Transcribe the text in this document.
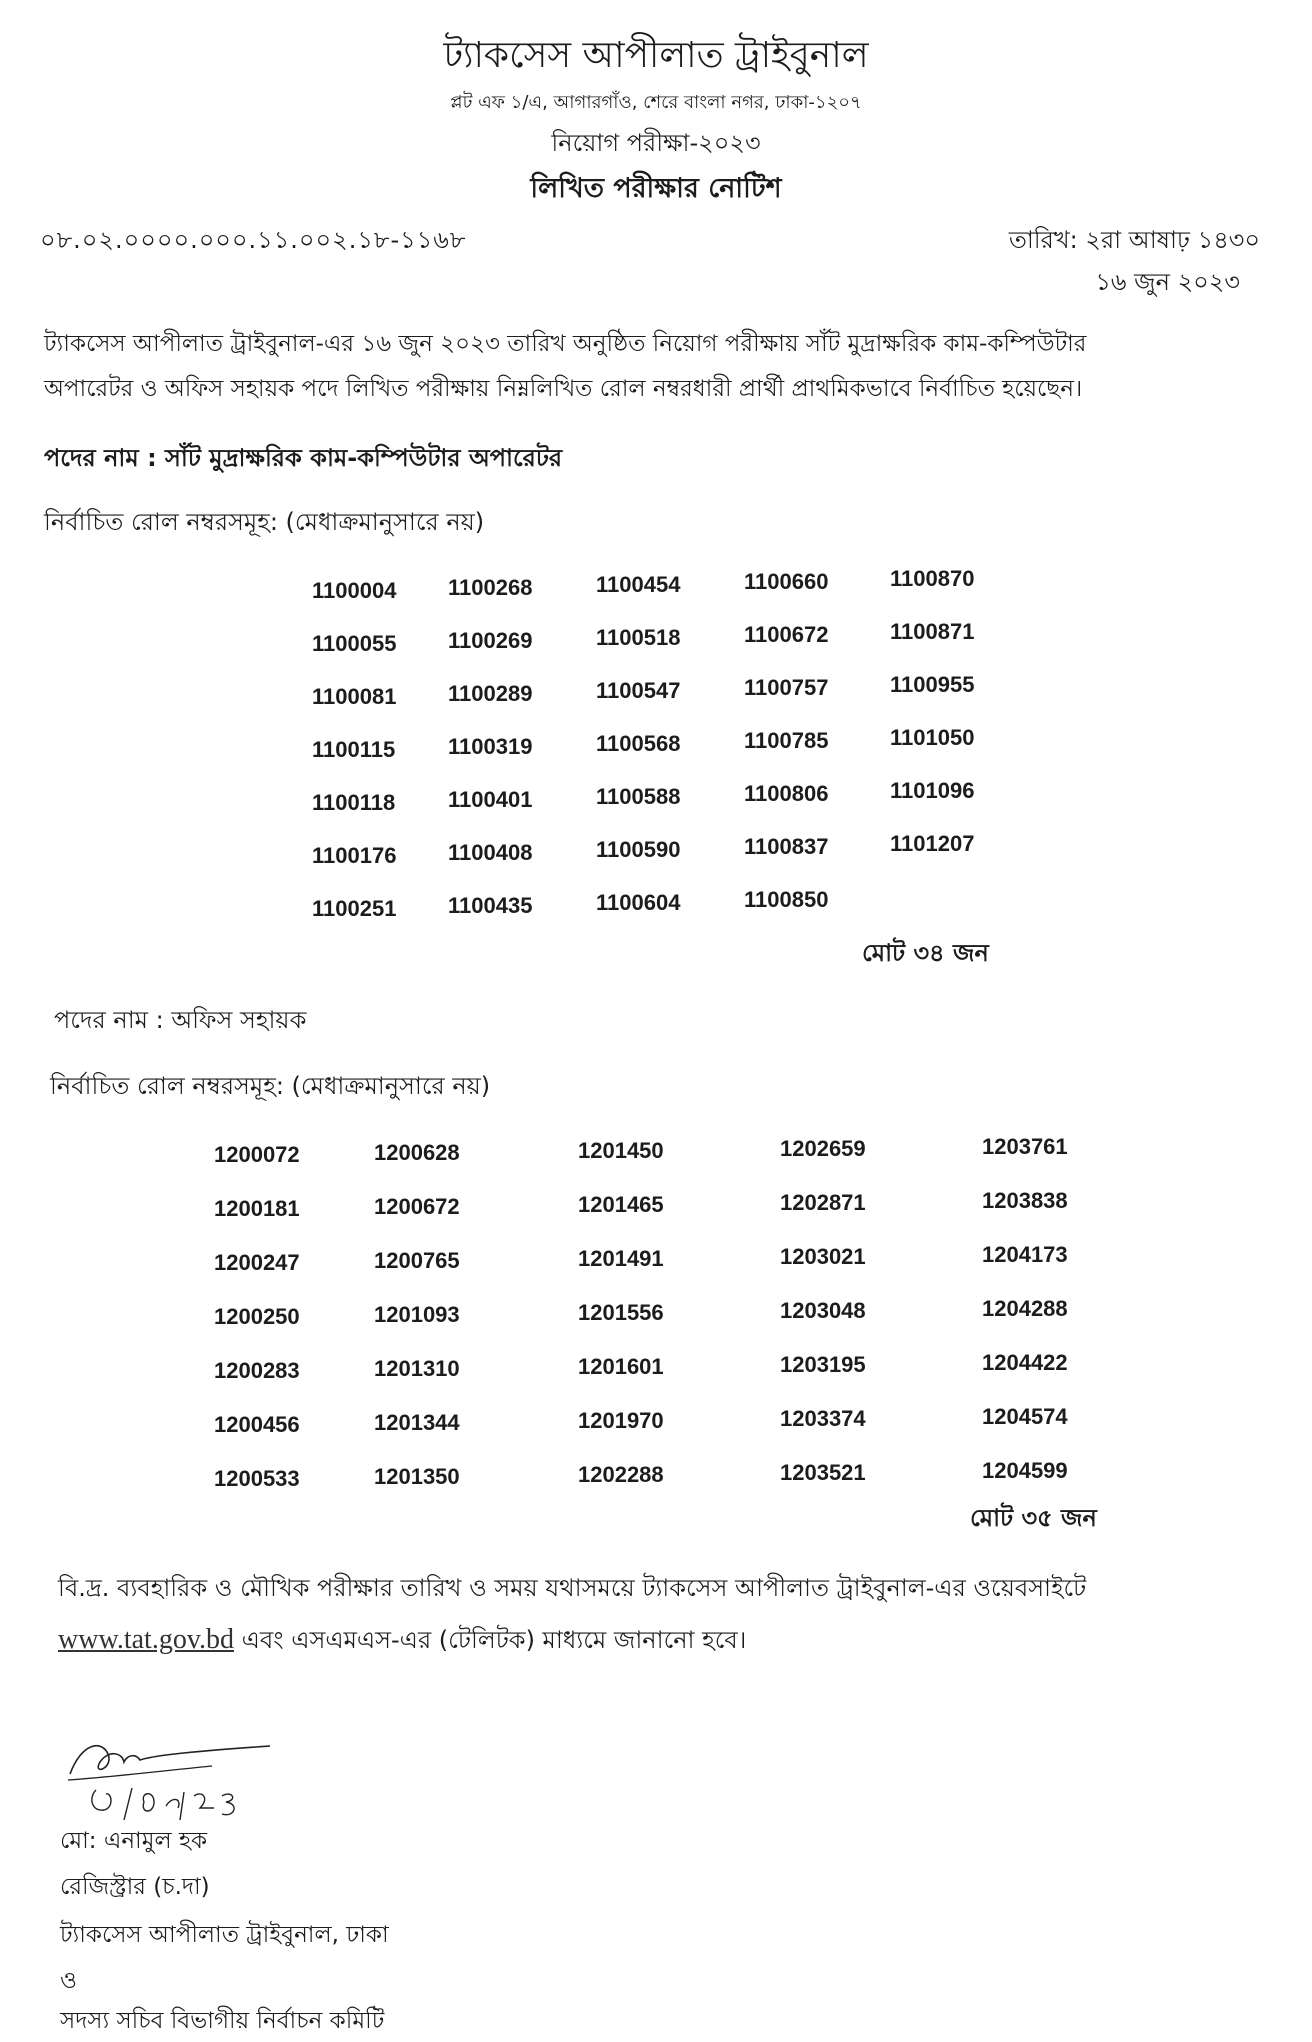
ট্যাকসেস আপীলাত ট্রাইবুনাল
প্লট এফ ১/এ, আগারগাঁও, শেরে বাংলা নগর, ঢাকা-১২০৭
নিয়োগ পরীক্ষা-২০২৩
লিখিত পরীক্ষার নোটিশ
০৮.০২.০০০০.০০০.১১.০০২.১৮-১১৬৮	তারিখ: ২রা আষাঢ় ১৪৩০
১৬ জুন ২০২৩
ট্যাকসেস আপীলাত ট্রাইবুনাল-এর ১৬ জুন ২০২৩ তারিখ অনুষ্ঠিত নিয়োগ পরীক্ষায় সাঁট মুদ্রাক্ষরিক কাম-কম্পিউটার
অপারেটর ও অফিস সহায়ক পদে লিখিত পরীক্ষায় নিম্নলিখিত রোল নম্বরধারী প্রার্থী প্রাথমিকভাবে নির্বাচিত হয়েছেন।
পদের নাম : সাঁট মুদ্রাক্ষরিক কাম-কম্পিউটার অপারেটর
নির্বাচিত রোল নম্বরসমূহ: (মেধাক্রমানুসারে নয়)
1100004
1100055
1100081
1100115
1100118
1100176
1100251
1100268
1100269
1100289
1100319
1100401
1100408
1100435
1100454
1100518
1100547
1100568
1100588
1100590
1100604
1100660
1100672
1100757
1100785
1100806
1100837
1100850
1100870
1100871
1100955
1101050
1101096
1101207
মোট ৩৪ জন
পদের নাম : অফিস সহায়ক
নির্বাচিত রোল নম্বরসমূহ: (মেধাক্রমানুসারে নয়)
1200072
1200181
1200247
1200250
1200283
1200456
1200533
1200628
1200672
1200765
1201093
1201310
1201344
1201350
1201450
1201465
1201491
1201556
1201601
1201970
1202288
1202659
1202871
1203021
1203048
1203195
1203374
1203521
1203761
1203838
1204173
1204288
1204422
1204574
1204599
মোট ৩৫ জন
বি.দ্র. ব্যবহারিক ও মৌখিক পরীক্ষার তারিখ ও সময় যথাসময়ে ট্যাকসেস আপীলাত ট্রাইবুনাল-এর ওয়েবসাইটে
www.tat.gov.bd এবং এসএমএস-এর (টেলিটক) মাধ্যমে জানানো হবে।
মো: এনামুল হক
রেজিস্ট্রার (চ.দা)
ট্যাকসেস আপীলাত ট্রাইবুনাল, ঢাকা
ও
সদস্য সচিব বিভাগীয় নির্বাচন কমিটি
